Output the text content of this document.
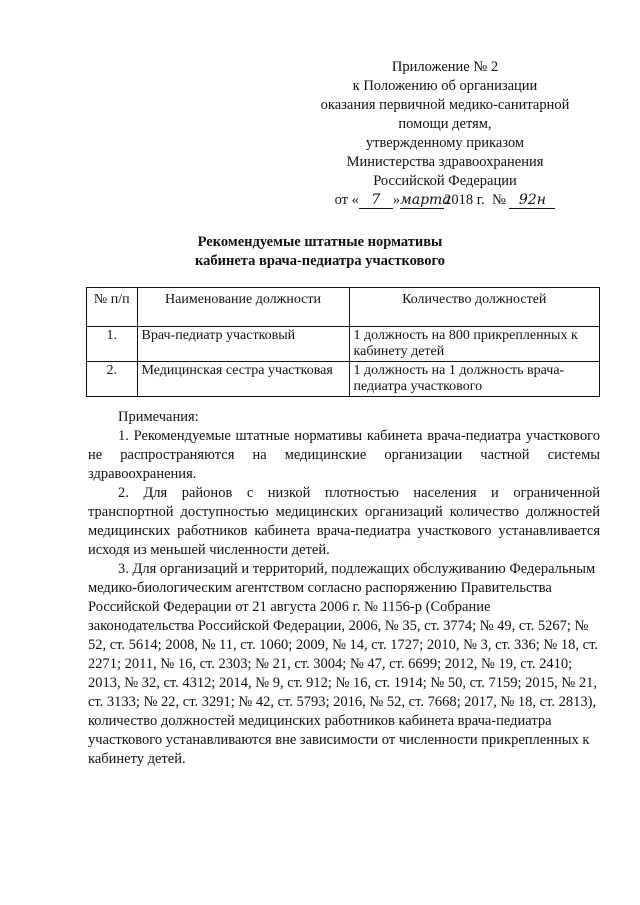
Приложение № 2
к Положению об организации
оказания первичной медико-санитарной
помощи детям,
утвержденному приказом
Министерства здравоохранения
Российской Федерации
от « 7 »марта2018 г. № 92н
Рекомендуемые штатные нормативы
кабинета врача-педиатра участкового
№ п/п	Наименование должности	Количество должностей
1.	Врач-педиатр участковый	1 должность на 800 прикрепленных к кабинету детей
2.	Медицинская сестра участковая	1 должность на 1 должность врача-педиатра участкового
Примечания:

1. Рекомендуемые штатные нормативы кабинета врача-педиатра участкового не распространяются на медицинские организации частной системы здравоохранения.

2. Для районов с низкой плотностью населения и ограниченной транспортной доступностью медицинских организаций количество должностей медицинских работников кабинета врача-педиатра участкового устанавливается исходя из меньшей численности детей.

3. Для организаций и территорий, подлежащих обслуживанию Федеральным медико-биологическим агентством согласно распоряжению Правительства Российской Федерации от 21 августа 2006 г. № 1156-р (Собрание законодательства Российской Федерации, 2006, № 35, ст. 3774; № 49, ст. 5267; № 52, ст. 5614; 2008, № 11, ст. 1060; 2009, № 14, ст. 1727; 2010, № 3, ст. 336; № 18, ст. 2271; 2011, № 16, ст. 2303; № 21, ст. 3004; № 47, ст. 6699; 2012, № 19, ст. 2410; 2013, № 32, ст. 4312; 2014, № 9, ст. 912; № 16, ст. 1914; № 50, ст. 7159; 2015, № 21, ст. 3133; № 22, ст. 3291; № 42, ст. 5793; 2016, № 52, ст. 7668; 2017, № 18, ст. 2813), количество должностей медицинских работников кабинета врача-педиатра участкового устанавливаются вне зависимости от численности прикрепленных к кабинету детей.
